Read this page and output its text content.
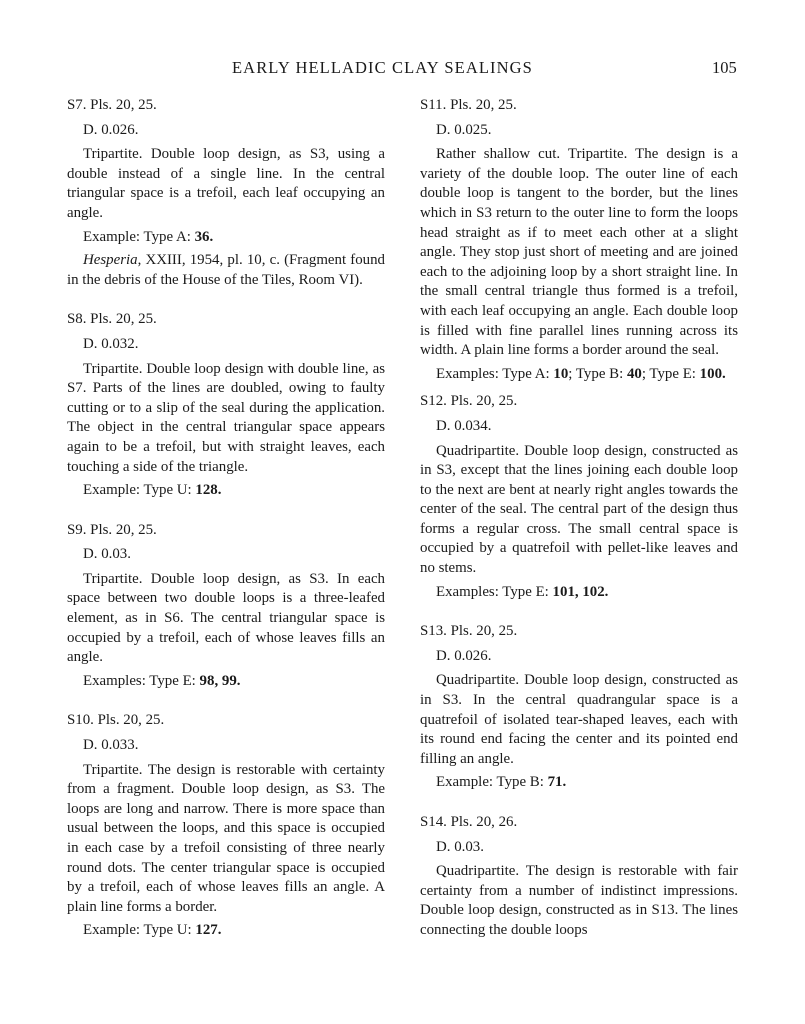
EARLY HELLADIC CLAY SEALINGS	105

S7. Pls. 20, 25.

D. 0.026.

Tripartite. Double loop design, as S3, using a double instead of a single line. In the central triangular space is a trefoil, each leaf occupying an angle.

Example: Type A: 36.

Hesperia, XXIII, 1954, pl. 10, c. (Fragment found in the debris of the House of the Tiles, Room VI).

S8. Pls. 20, 25.

D. 0.032.

Tripartite. Double loop design with double line, as S7. Parts of the lines are doubled, owing to faulty cutting or to a slip of the seal during the application. The object in the central triangular space appears again to be a trefoil, but with straight leaves, each touching a side of the triangle.

Example: Type U: 128.

S9. Pls. 20, 25.

D. 0.03.

Tripartite. Double loop design, as S3. In each space between two double loops is a three-leafed element, as in S6. The central triangular space is occupied by a trefoil, each of whose leaves fills an angle.

Examples: Type E: 98, 99.

S10. Pls. 20, 25.

D. 0.033.

Tripartite. The design is restorable with certainty from a fragment. Double loop design, as S3. The loops are long and narrow. There is more space than usual between the loops, and this space is occupied in each case by a trefoil consisting of three nearly round dots. The center triangular space is occupied by a trefoil, each of whose leaves fills an angle. A plain line forms a border.

Example: Type U: 127.

S11. Pls. 20, 25.

D. 0.025.

Rather shallow cut. Tripartite. The design is a variety of the double loop. The outer line of each double loop is tangent to the border, but the lines which in S3 return to the outer line to form the loops head straight as if to meet each other at a slight angle. They stop just short of meeting and are joined each to the adjoining loop by a short straight line. In the small central triangle thus formed is a trefoil, with each leaf occupying an angle. Each double loop is filled with fine parallel lines running across its width. A plain line forms a border around the seal.

Examples: Type A: 10; Type B: 40; Type E: 100.

S12. Pls. 20, 25.

D. 0.034.

Quadripartite. Double loop design, constructed as in S3, except that the lines joining each double loop to the next are bent at nearly right angles towards the center of the seal. The central part of the design thus forms a regular cross. The small central space is occupied by a quatrefoil with pellet-like leaves and no stems.

Examples: Type E: 101, 102.

S13. Pls. 20, 25.

D. 0.026.

Quadripartite. Double loop design, constructed as in S3. In the central quadrangular space is a quatrefoil of isolated tear-shaped leaves, each with its round end facing the center and its pointed end filling an angle.

Example: Type B: 71.

S14. Pls. 20, 26.

D. 0.03.

Quadripartite. The design is restorable with fair certainty from a number of indistinct impressions. Double loop design, constructed as in S13. The lines connecting the double loops
